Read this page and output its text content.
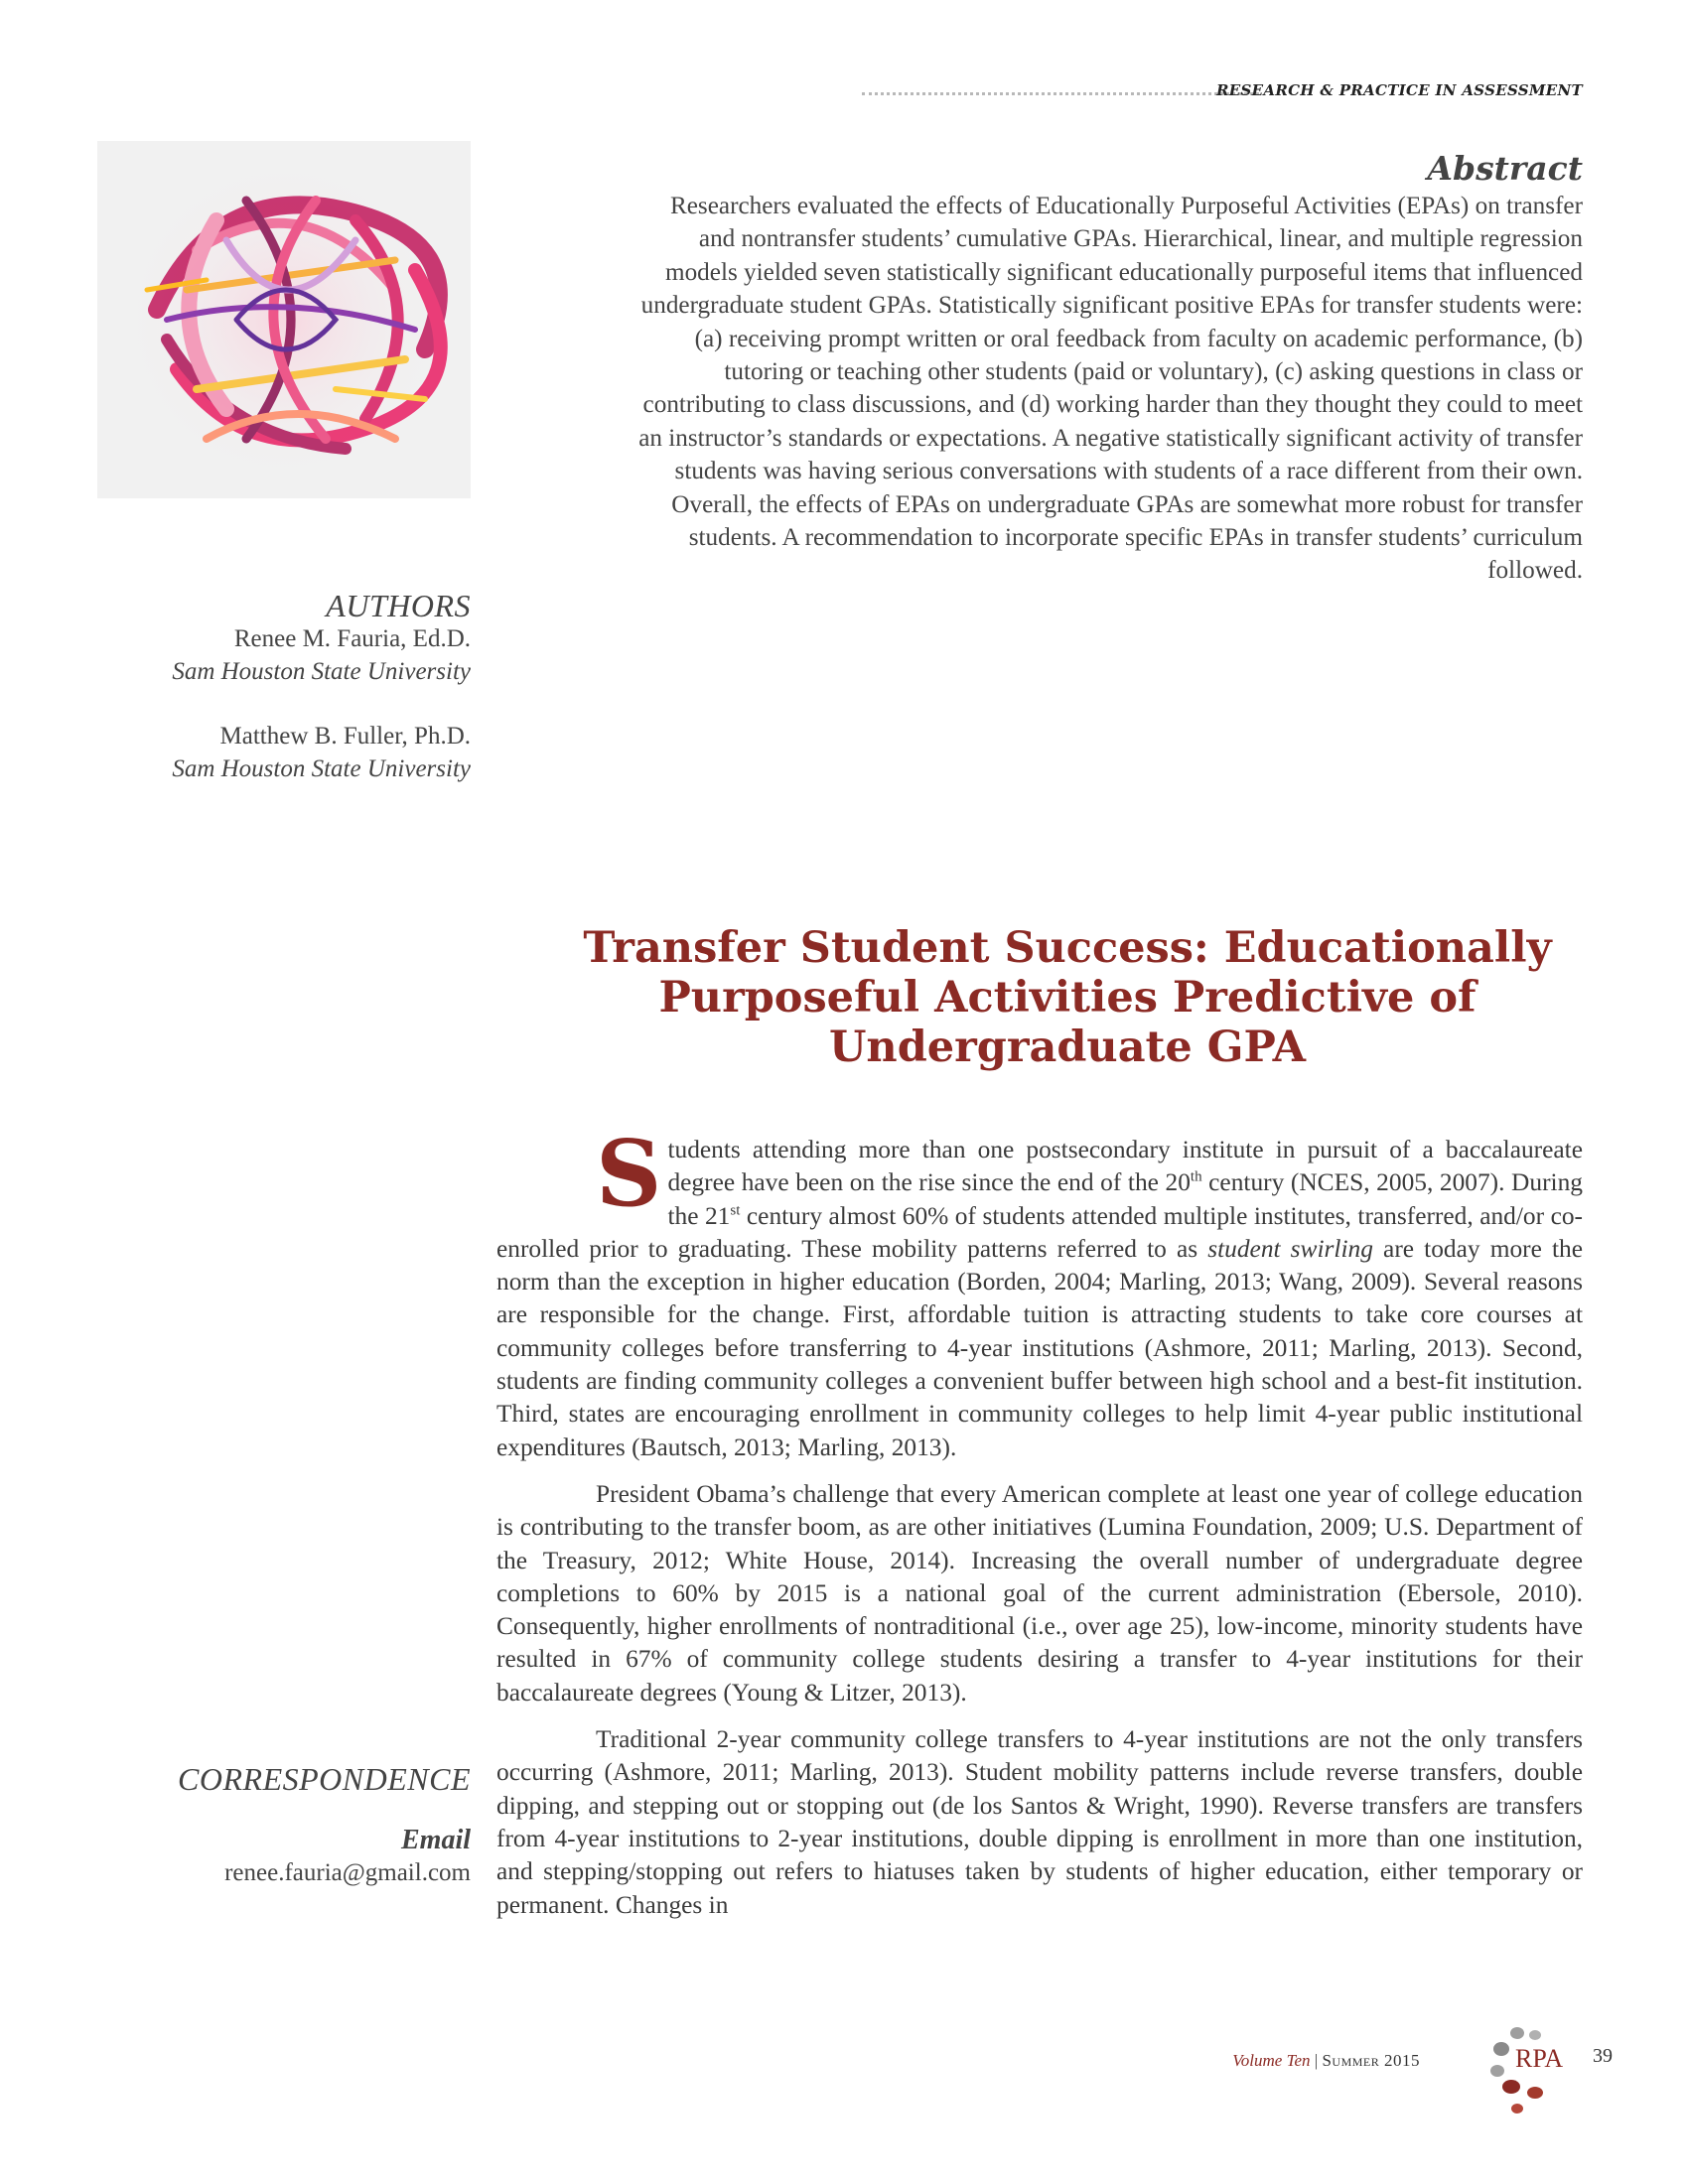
RESEARCH & PRACTICE IN ASSESSMENT
Abstract

Researchers evaluated the effects of Educationally Purposeful Activities (EPAs) on transfer and nontransfer students’ cumulative GPAs. Hierarchical, linear, and multiple regression models yielded seven statistically significant educationally purposeful items that influenced undergraduate student GPAs. Statistically significant positive EPAs for transfer students were: (a) receiving prompt written or oral feedback from faculty on academic performance, (b) tutoring or teaching other students (paid or voluntary), (c) asking questions in class or contributing to class discussions, and (d) working harder than they thought they could to meet an instructor’s standards or expectations. A negative statistically significant activity of transfer students was having serious conversations with students of a race different from their own. Overall, the effects of EPAs on undergraduate GPAs are somewhat more robust for transfer students. A recommendation to incorporate specific EPAs in transfer students’ curriculum followed.

AUTHORS
Renee M. Fauria, Ed.D.
Sam Houston State University
Matthew B. Fuller, Ph.D.
Sam Houston State University
CORRESPONDENCE
Email
renee.fauria@gmail.com
Transfer Student Success: Educationally Purposeful Activities Predictive of Undergraduate GPA

Students attending more than one postsecondary institute in pursuit of a baccalaureate degree have been on the rise since the end of the 20th century (NCES, 2005, 2007). During the 21st century almost 60% of students attended multiple institutes, transferred, and/or co-enrolled prior to graduating. These mobility patterns referred to as student swirling are today more the norm than the exception in higher education (Borden, 2004; Marling, 2013; Wang, 2009). Several reasons are responsible for the change. First, affordable tuition is attracting students to take core courses at community colleges before transferring to 4-year institutions (Ashmore, 2011; Marling, 2013). Second, students are finding community colleges a convenient buffer between high school and a best-fit institution. Third, states are encouraging enrollment in community colleges to help limit 4-year public institutional expenditures (Bautsch, 2013; Marling, 2013).

President Obama’s challenge that every American complete at least one year of college education is contributing to the transfer boom, as are other initiatives (Lumina Foundation, 2009; U.S. Department of the Treasury, 2012; White House, 2014). Increasing the overall number of undergraduate degree completions to 60% by 2015 is a national goal of the current administration (Ebersole, 2010). Consequently, higher enrollments of nontraditional (i.e., over age 25), low-income, minority students have resulted in 67% of community college students desiring a transfer to 4-year institutions for their baccalaureate degrees (Young & Litzer, 2013).

Traditional 2-year community college transfers to 4-year institutions are not the only transfers occurring (Ashmore, 2011; Marling, 2013). Student mobility patterns include reverse transfers, double dipping, and stepping out or stopping out (de los Santos & Wright, 1990). Reverse transfers are transfers from 4-year institutions to 2-year institutions, double dipping is enrollment in more than one institution, and stepping/stopping out refers to hiatuses taken by students of higher education, either temporary or permanent. Changes in

Volume Ten | Summer 2015	RPA 39
